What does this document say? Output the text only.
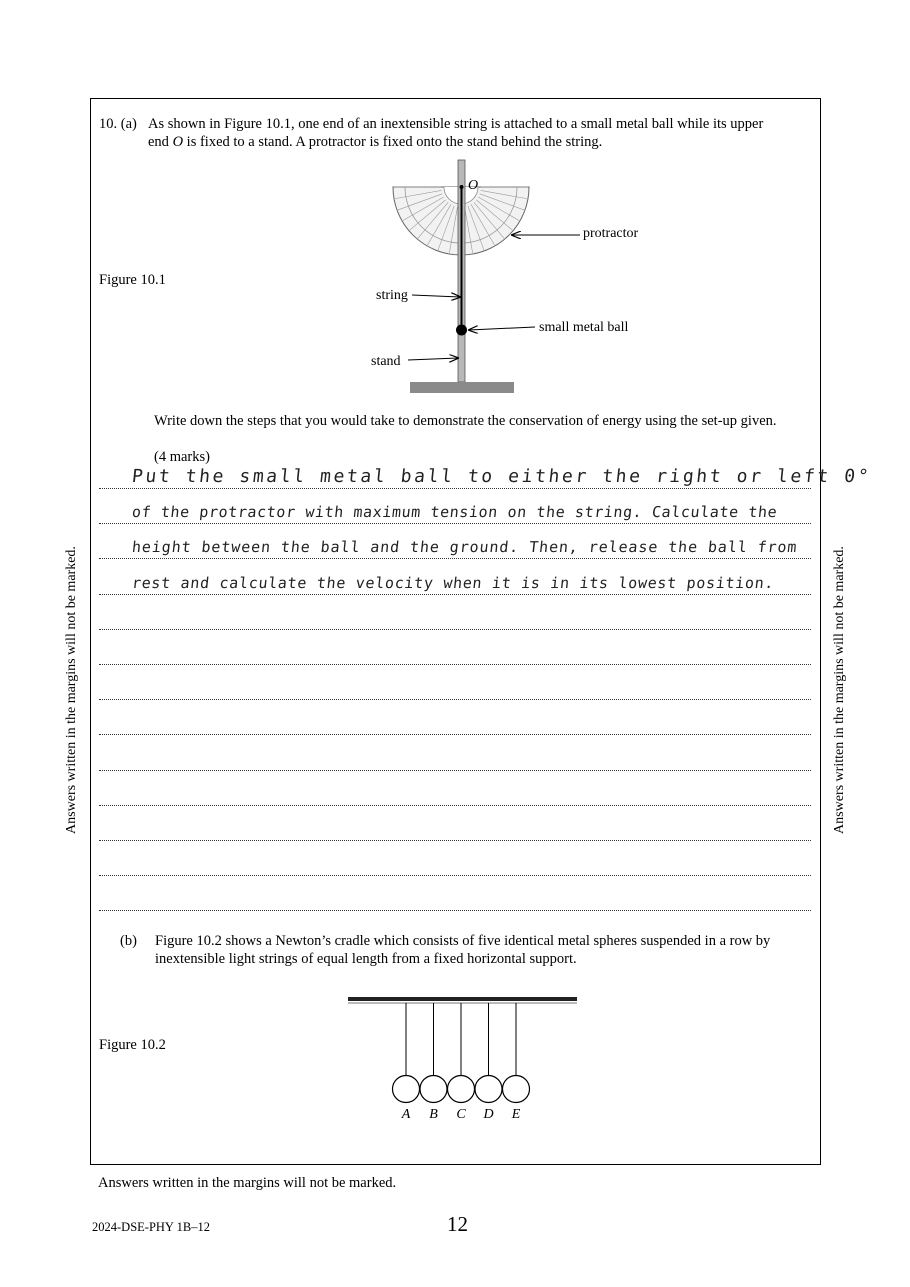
Answers written in the margins will not be marked.	Answers written in the margins will not be marked.
10. (a) As shown in Figure 10.1, one end of an inextensible string is attached to a small metal ball while its upper
end O is fixed to a stand. A protractor is fixed onto the stand behind the string.
Figure 10.1
O
protractor
string
small metal ball
stand
Write down the steps that you would take to demonstrate the conservation of energy using the set-up given.
(4 marks)
Put the small metal ball to either the right or left 0°
of the protractor with maximum tension on the string. Calculate the
height between the ball and the ground. Then, release the ball from
rest and calculate the velocity when it is in its lowest position.
(b) Figure 10.2 shows a Newton’s cradle which consists of five identical metal spheres suspended in a row by
inextensible light strings of equal length from a fixed horizontal support.
Figure 10.2
A B C D E
Answers written in the margins will not be marked.
2024-DSE-PHY 1B–12	12
